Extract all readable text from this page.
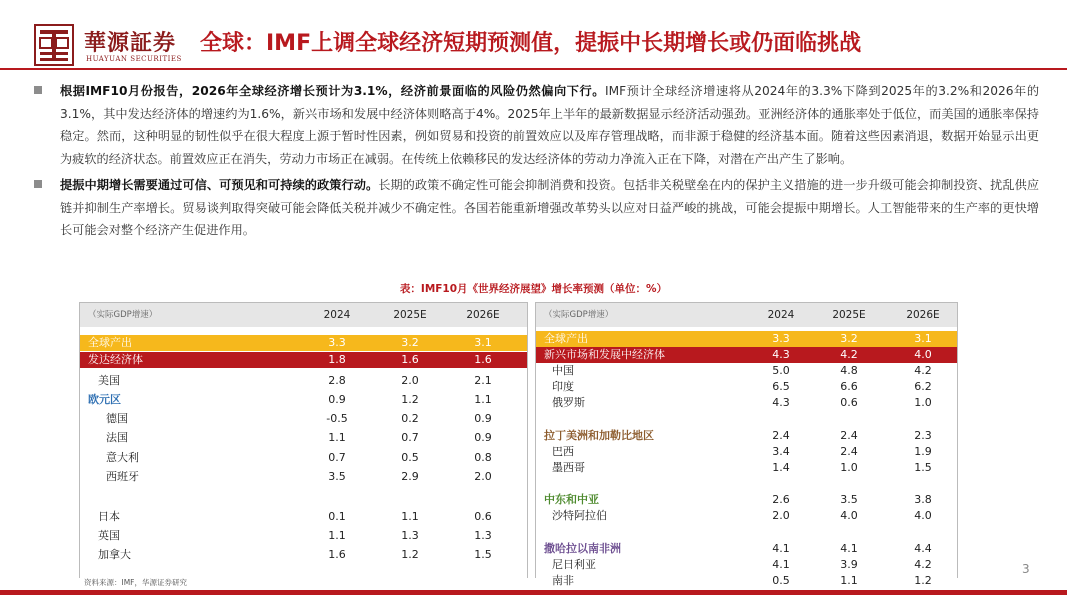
華源証券
HUAYUAN SECURITIES
全球：IMF上调全球经济短期预测值，提振中长期增长或仍面临挑战
根据IMF10月份报告，2026年全球经济增长预计为3.1%，经济前景面临的风险仍然偏向下行。IMF预计全球经济增速将从2024年的3.3%下降到2025年的3.2%和2026年的3.1%，其中发达经济体的增速约为1.6%，新兴市场和发展中经济体则略高于4%。2025年上半年的最新数据显示经济活动强劲。亚洲经济体的通胀率处于低位，而美国的通胀率保持稳定。然而，这种明显的韧性似乎在很大程度上源于暂时性因素，例如贸易和投资的前置效应以及库存管理战略，而非源于稳健的经济基本面。随着这些因素消退，数据开始显示出更为疲软的经济状态。前置效应正在消失，劳动力市场正在减弱。在传统上依赖移民的发达经济体的劳动力净流入正在下降，对潜在产出产生了影响。
提振中期增长需要通过可信、可预见和可持续的政策行动。长期的政策不确定性可能会抑制消费和投资。包括非关税壁垒在内的保护主义措施的进一步升级可能会抑制投资、扰乱供应链并抑制生产率增长。贸易谈判取得突破可能会降低关税并减少不确定性。各国若能重新增强改革势头以应对日益严峻的挑战，可能会提振中期增长。人工智能带来的生产率的更快增长可能会对整个经济产生促进作用。
表：IMF10月《世界经济展望》增长率预测（单位：%）
（实际GDP增速）	2024	2025E	2026E
全球产出	3.3	3.2	3.1
发达经济体	1.8	1.6	1.6
美国	2.8	2.0	2.1
欧元区	0.9	1.2	1.1
德国	-0.5	0.2	0.9
法国	1.1	0.7	0.9
意大利	0.7	0.5	0.8
西班牙	3.5	2.9	2.0
日本	0.1	1.1	0.6
英国	1.1	1.3	1.3
加拿大	1.6	1.2	1.5
（实际GDP增速）	2024	2025E	2026E
全球产出	3.3	3.2	3.1
新兴市场和发展中经济体	4.3	4.2	4.0
中国	5.0	4.8	4.2
印度	6.5	6.6	6.2
俄罗斯	4.3	0.6	1.0
拉丁美洲和加勒比地区	2.4	2.4	2.3
巴西	3.4	2.4	1.9
墨西哥	1.4	1.0	1.5
中东和中亚	2.6	3.5	3.8
沙特阿拉伯	2.0	4.0	4.0
撒哈拉以南非洲	4.1	4.1	4.4
尼日利亚	4.1	3.9	4.2
南非	0.5	1.1	1.2
资料来源：IMF，华源证券研究
3
